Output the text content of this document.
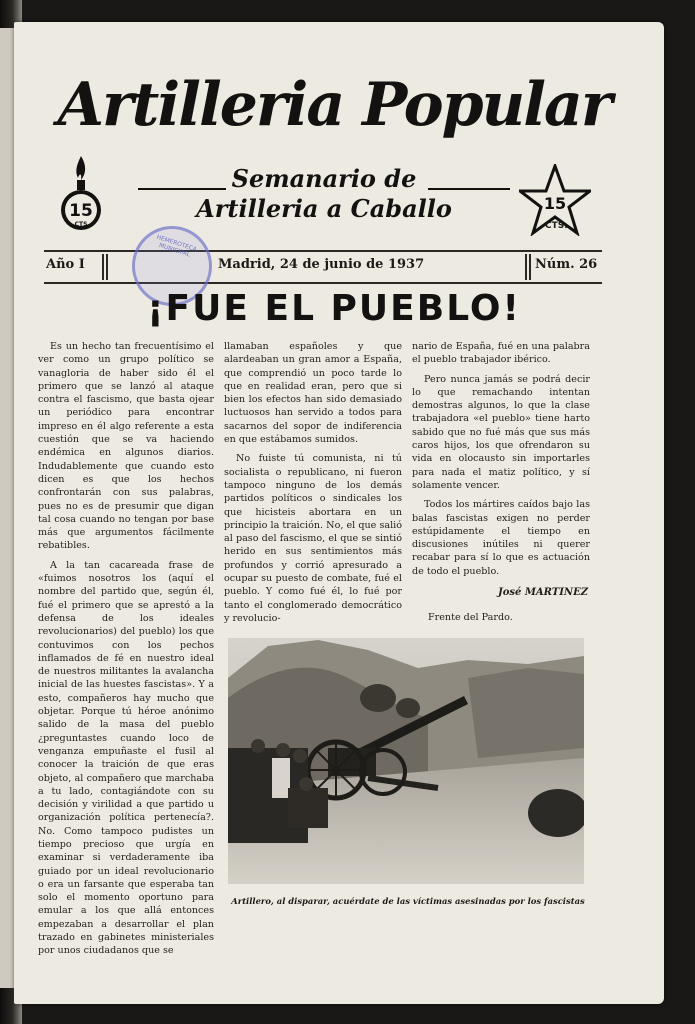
Artilleria Popular
15
CTS
Semanario de
Artilleria a Caballo	15
CTS.
Año I	Madrid, 24 de junio de 1937	Núm. 26
HEMEROTECA MUNICIPAL
¡FUE EL PUEBLO!

Es un hecho tan frecuentísimo el ver como un grupo político se vanagloria de haber sido él el primero que se lanzó al ataque contra el fascismo, que basta ojear un periódico para encontrar impreso en él algo referente a esta cuestión que se va haciendo endémica en algunos diarios. Indudablemente que cuando esto dicen es que los hechos confrontarán con sus palabras, pues no es de presumir que digan tal cosa cuando no tengan por base más que argumentos fácilmente rebatibles.

A la tan cacareada frase de «fuimos nosotros los (aquí el nombre del partido que, según él, fué el primero que se aprestó a la defensa de los ideales revolucionarios) del pueblo) los que contuvimos con los pechos inflamados de fé en nuestro ideal de nuestros militantes la avalancha inicial de las huestes fascistas». Y a esto, compañeros hay mucho que objetar. Porque tú héroe anónimo salido de la masa del pueblo ¿preguntastes cuando loco de venganza empuñaste el fusil al conocer la traición de que eras objeto, al compañero que marchaba a tu lado, contagiándote con su decisión y virilidad a que partido u organización política pertenecía?. No. Como tampoco pudistes un tiempo precioso que urgía en examinar si verdaderamente iba guiado por un ideal revolucionario o era un farsante que esperaba tan solo el momento oportuno para emular a los que allá entonces empezaban a desarrollar el plan trazado en gabinetes ministeriales por unos ciudadanos que se

llamaban españoles y que alardeaban un gran amor a España, que comprendió un poco tarde lo que en realidad eran, pero que si bien los efectos han sido demasiado luctuosos han servido a todos para sacarnos del sopor de indiferencia en que estábamos sumidos.

No fuiste tú comunista, ni tú socialista o republicano, ni fueron tampoco ninguno de los demás partidos políticos o sindicales los que hicisteis abortara en un principio la traición. No, el que salió al paso del fascismo, el que se sintió herido en sus sentimientos más profundos y corrió apresurado a ocupar su puesto de combate, fué el pueblo. Y como fué él, lo fué por tanto el conglomerado democrático y revolucio-

nario de España, fué en una palabra el pueblo trabajador ibérico.

Pero nunca jamás se podrá decir lo que remachando intentan demostras algunos, lo que la clase trabajadora «el pueblo» tiene harto sabido que no fué más que sus más caros hijos, los que ofrendaron su vida en olocausto sin importarles para nada el matiz político, y sí solamente vencer.

Todos los mártires caídos bajo las balas fascistas exigen no perder estúpidamente el tiempo en discusiones inútiles ni querer recabar para sí lo que es actuación de todo el pueblo.

José MARTINEZ
Frente del Pardo.
Artillero, al disparar, acuérdate de las víctimas asesinadas por los fascistas
